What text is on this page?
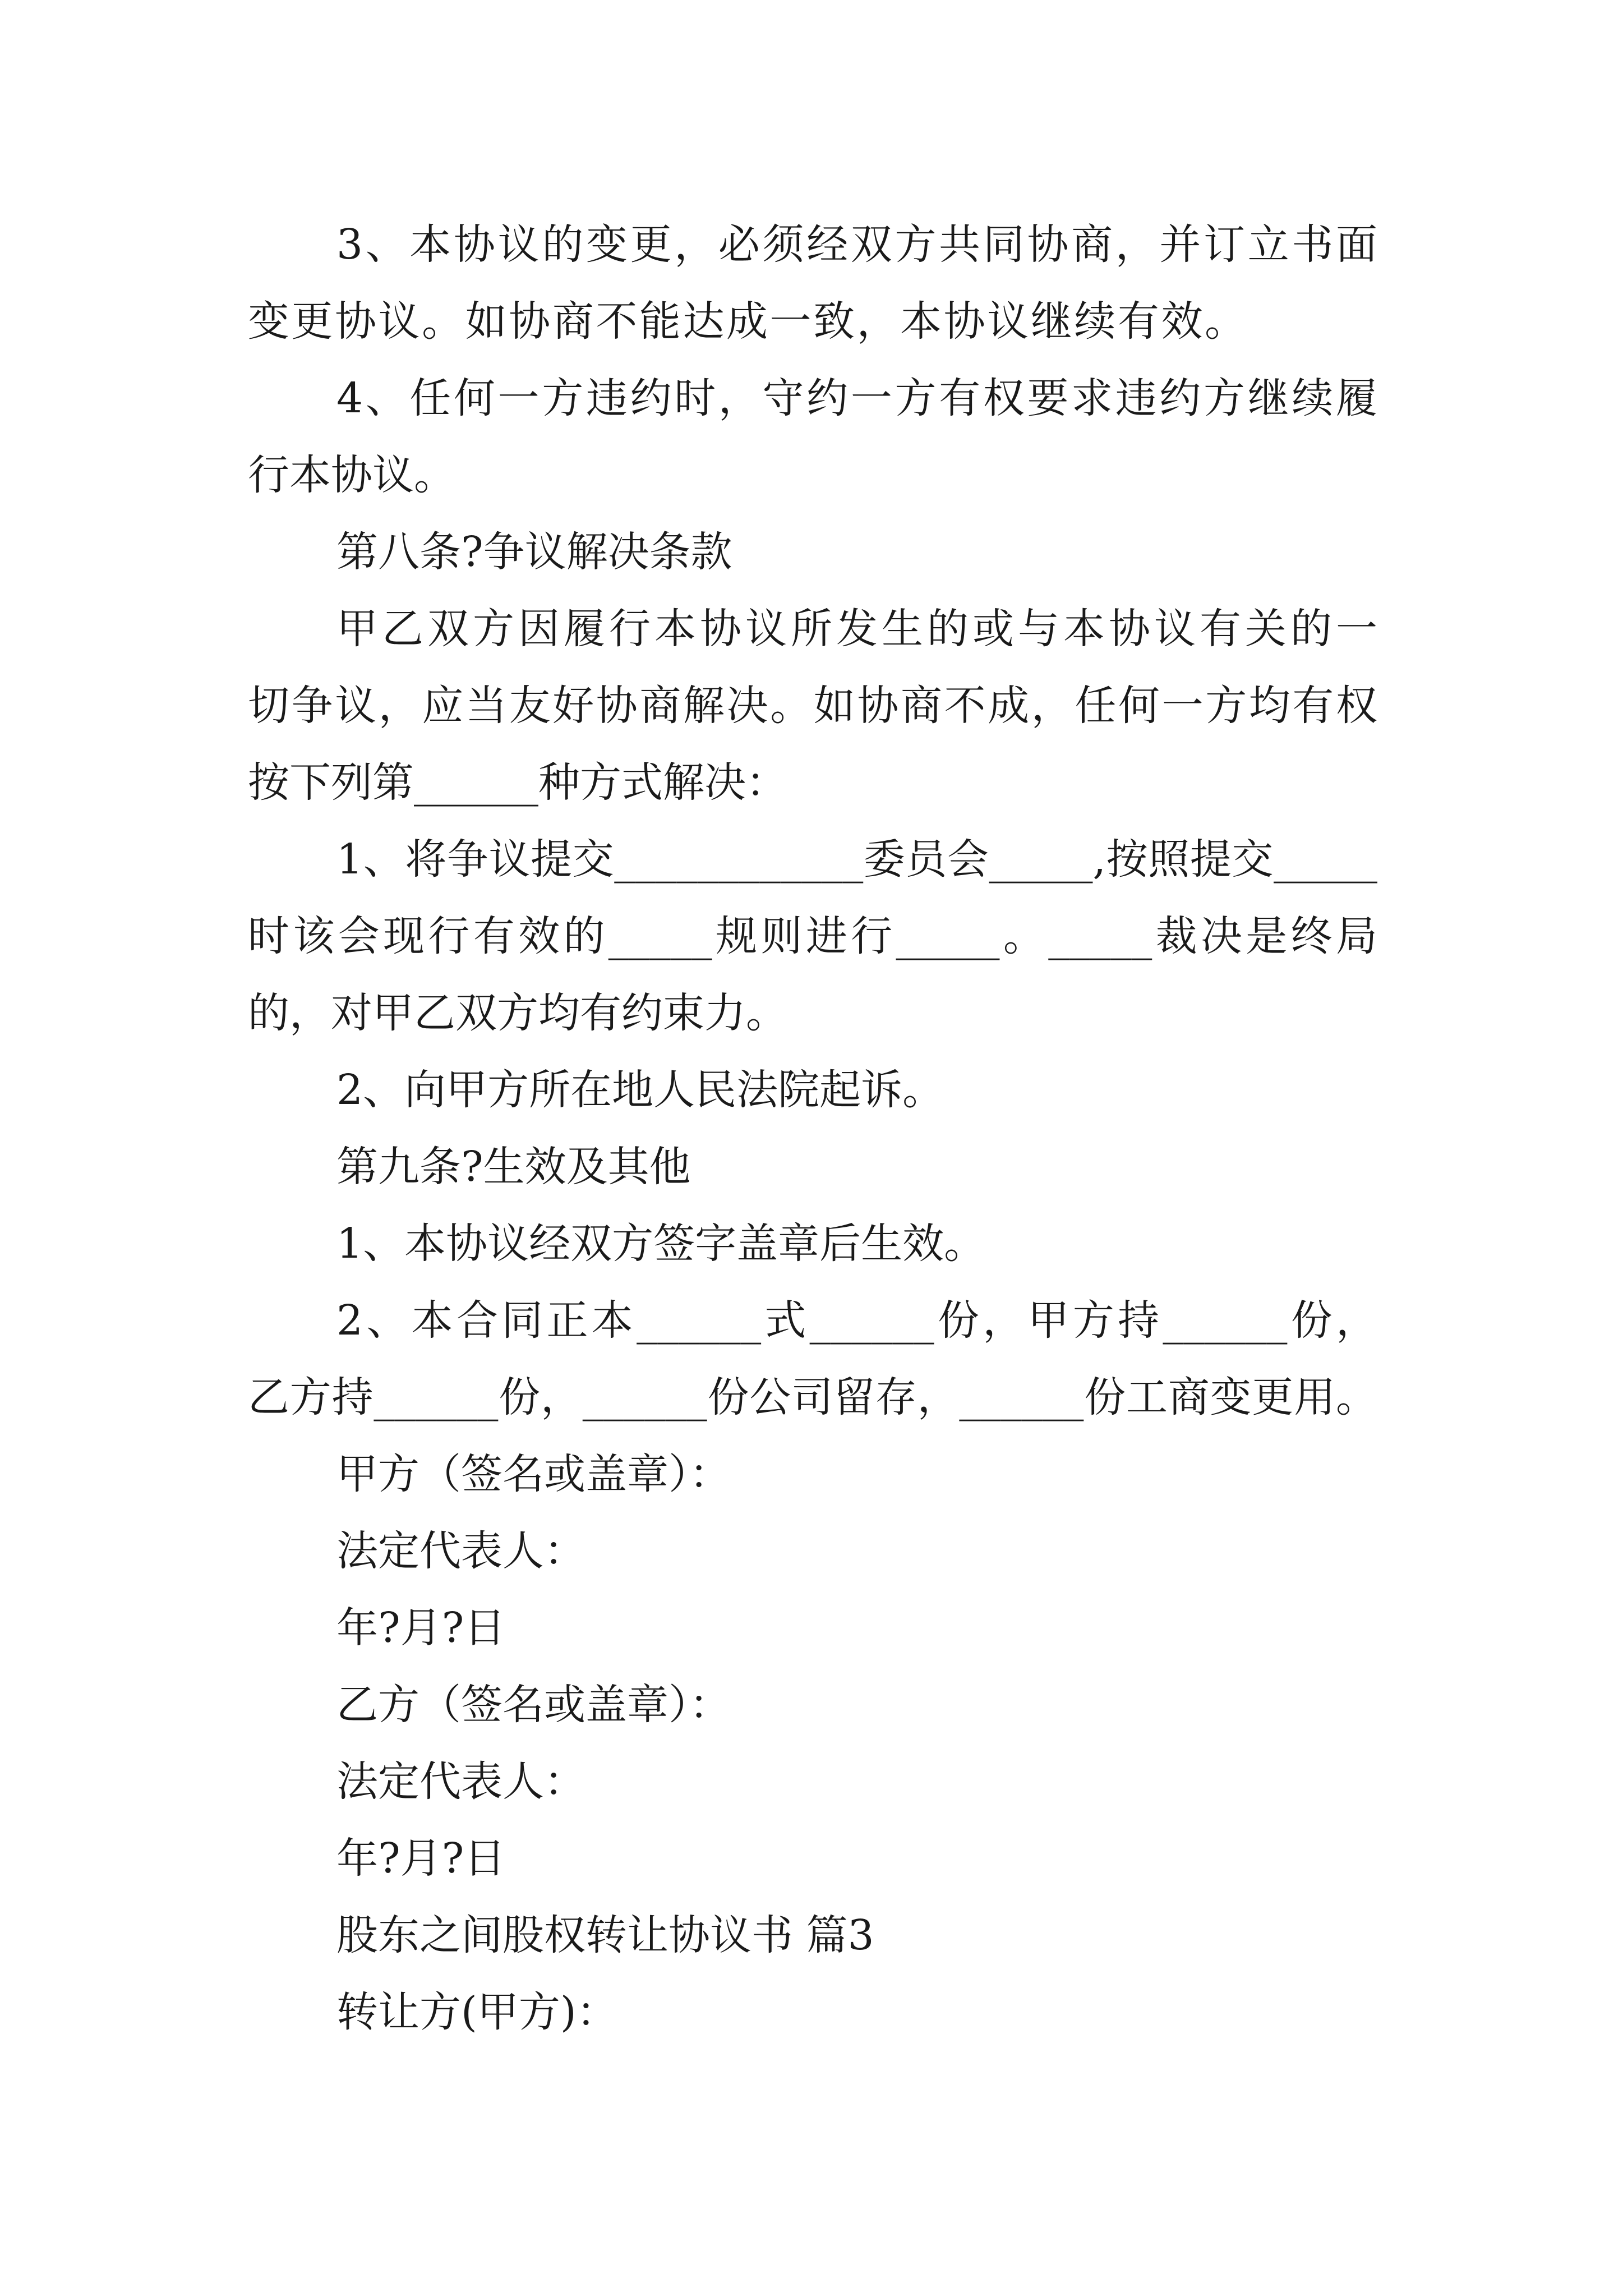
3、本协议的变更，必须经双方共同协商，并订立书面
变更协议。如协商不能达成一致，本协议继续有效。
4、任何一方违约时，守约一方有权要求违约方继续履
行本协议。
第八条?争议解决条款
甲乙双方因履行本协议所发生的或与本协议有关的一
切争议，应当友好协商解决。如协商不成，任何一方均有权
按下列第______种方式解决：
1、将争议提交____________委员会_____,按照提交_____
时该会现行有效的_____规则进行_____。_____裁决是终局
的，对甲乙双方均有约束力。
2、向甲方所在地人民法院起诉。
第九条?生效及其他
1、本协议经双方签字盖章后生效。
2、本合同正本______式______份，甲方持______份，
乙方持______份，______份公司留存，______份工商变更用。
甲方（签名或盖章）：
法定代表人：
年?月?日
乙方（签名或盖章）：
法定代表人：
年?月?日
股东之间股权转让协议书 篇3
转让方(甲方)：
